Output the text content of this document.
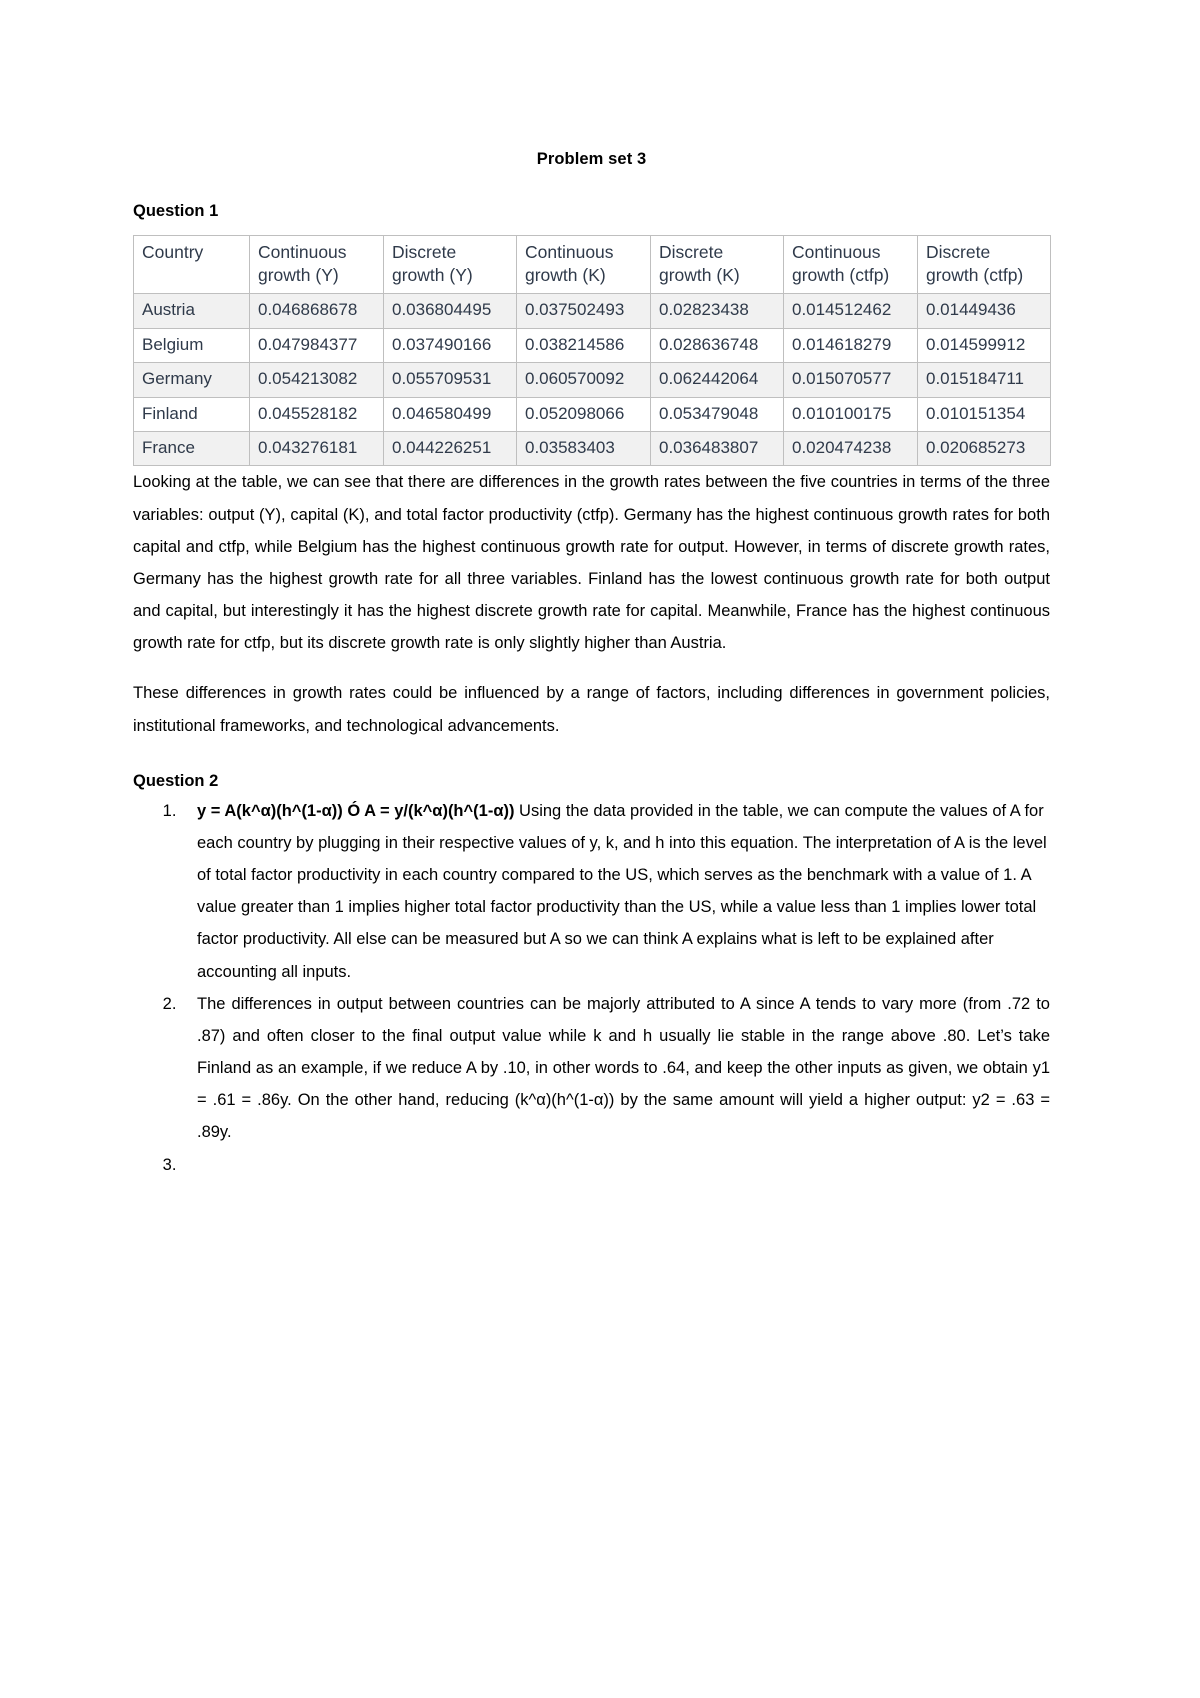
Problem set 3
Question 1
Country	Continuous growth (Y)	Discrete growth (Y)	Continuous growth (K)	Discrete growth (K)	Continuous growth (ctfp)	Discrete growth (ctfp)
Austria	0.046868678	0.036804495	0.037502493	0.02823438	0.014512462	0.01449436
Belgium	0.047984377	0.037490166	0.038214586	0.028636748	0.014618279	0.014599912
Germany	0.054213082	0.055709531	0.060570092	0.062442064	0.015070577	0.015184711
Finland	0.045528182	0.046580499	0.052098066	0.053479048	0.010100175	0.010151354
France	0.043276181	0.044226251	0.03583403	0.036483807	0.020474238	0.020685273

Looking at the table, we can see that there are differences in the growth rates between the five countries in terms of the three variables: output (Y), capital (K), and total factor productivity (ctfp). Germany has the highest continuous growth rates for both capital and ctfp, while Belgium has the highest continuous growth rate for output. However, in terms of discrete growth rates, Germany has the highest growth rate for all three variables. Finland has the lowest continuous growth rate for both output and capital, but interestingly it has the highest discrete growth rate for capital. Meanwhile, France has the highest continuous growth rate for ctfp, but its discrete growth rate is only slightly higher than Austria.

These differences in growth rates could be influenced by a range of factors, including differences in government policies, institutional frameworks, and technological advancements.

Question 2
1. y = A(k^α)(h^(1-α)) Ó A = y/(k^α)(h^(1-α)) Using the data provided in the table, we can compute the values of A for each country by plugging in their respective values of y, k, and h into this equation. The interpretation of A is the level of total factor productivity in each country compared to the US, which serves as the benchmark with a value of 1. A value greater than 1 implies higher total factor productivity than the US, while a value less than 1 implies lower total factor productivity. All else can be measured but A so we can think A explains what is left to be explained after accounting all inputs.
2. The differences in output between countries can be majorly attributed to A since A tends to vary more (from .72 to .87) and often closer to the final output value while k and h usually lie stable in the range above .80. Let’s take Finland as an example, if we reduce A by .10, in other words to .64, and keep the other inputs as given, we obtain y1 = .61 = .86y. On the other hand, reducing (k^α)(h^(1-α)) by the same amount will yield a higher output: y2 = .63 = .89y.
3.
